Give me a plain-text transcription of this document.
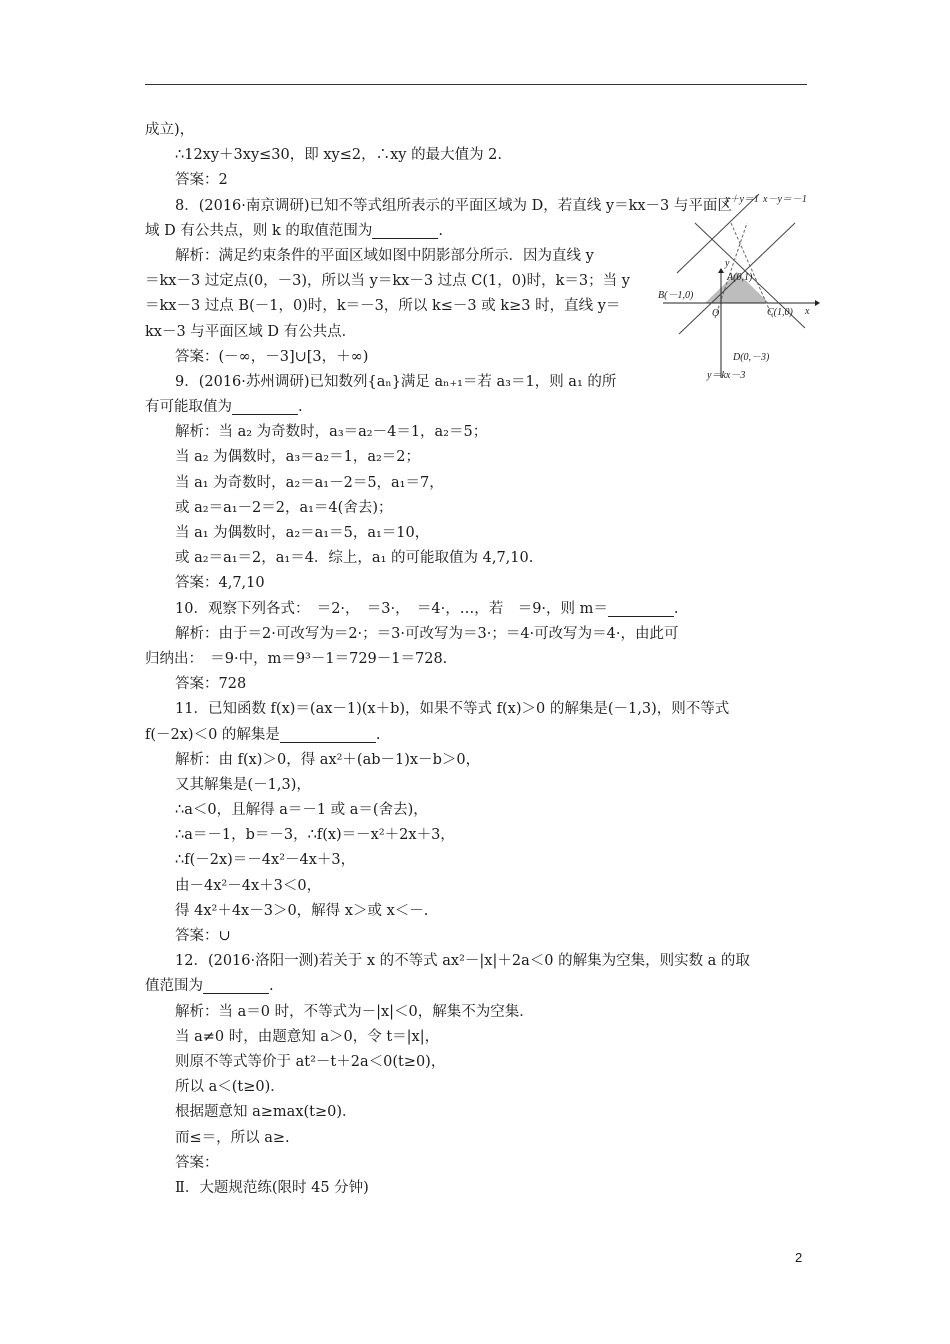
成立)，
∴12xy＋3xy≤30，即 xy≤2，∴xy 的最大值为 2.
答案：2
8．(2016·南京调研)已知不等式组所表示的平面区域为 D，若直线 y＝kx－3 与平面区
域 D 有公共点，则 k 的取值范围为	.
解析：满足约束条件的平面区域如图中阴影部分所示．因为直线 y
＝kx－3 过定点(0，－3)，所以当 y＝kx－3 过点 C(1，0)时，k＝3；当 y
＝kx－3 过点 B(－1，0)时，k＝－3，所以 k≤－3 或 k≥3 时，直线 y＝
kx－3 与平面区域 D 有公共点．
答案：(－∞，－3]∪[3，＋∞)
9．(2016·苏州调研)已知数列{aₙ}满足 aₙ₊₁＝若 a₃＝1，则 a₁ 的所
有可能取值为	.
解析：当 a₂ 为奇数时，a₃＝a₂－4＝1，a₂＝5；
当 a₂ 为偶数时，a₃＝a₂＝1，a₂＝2；
当 a₁ 为奇数时，a₂＝a₁－2＝5，a₁＝7，
或 a₂＝a₁－2＝2，a₁＝4(舍去)；
当 a₁ 为偶数时，a₂＝a₁＝5，a₁＝10，
或 a₂＝a₁＝2，a₁＝4．综上，a₁ 的可能取值为 4,7,10.
答案：4,7,10
10．观察下列各式：　＝2·，　＝3·，　＝4·，…，若　＝9·，则 m＝	.
解析：由于＝2·可改写为＝2·；＝3·可改写为＝3·；＝4·可改写为＝4·，由此可
归纳出：　＝9·中，m＝9³－1＝729－1＝728.
答案：728
11．已知函数 f(x)＝(ax－1)(x＋b)，如果不等式 f(x)＞0 的解集是(－1,3)，则不等式
f(－2x)＜0 的解集是	.
解析：由 f(x)＞0，得 ax²＋(ab－1)x－b＞0，
又其解集是(－1,3)，
∴a＜0，且解得 a＝－1 或 a＝(舍去)，
∴a＝－1，b＝－3，∴f(x)＝－x²＋2x＋3，
∴f(－2x)＝－4x²－4x＋3，
由－4x²－4x＋3＜0，
得 4x²＋4x－3＞0，解得 x＞或 x＜－.
答案：∪
12．(2016·洛阳一测)若关于 x 的不等式 ax²－|x|＋2a＜0 的解集为空集，则实数 a 的取
值范围为	.
解析：当 a＝0 时，不等式为－|x|＜0，解集不为空集．
当 a≠0 时，由题意知 a＞0，令 t＝|x|，
则原不等式等价于 at²－t＋2a＜0(t≥0)，
所以 a＜(t≥0)．
根据题意知 a≥max(t≥0)．
而≤＝，所以 a≥.
答案：
Ⅱ．大题规范练(限时 45 分钟)
y
x
O
A(0,1)
B(－1,0)
C(1,0)
D(0,－3)
y＝kx－3
x＋y＝1 x－y＝－1
2
